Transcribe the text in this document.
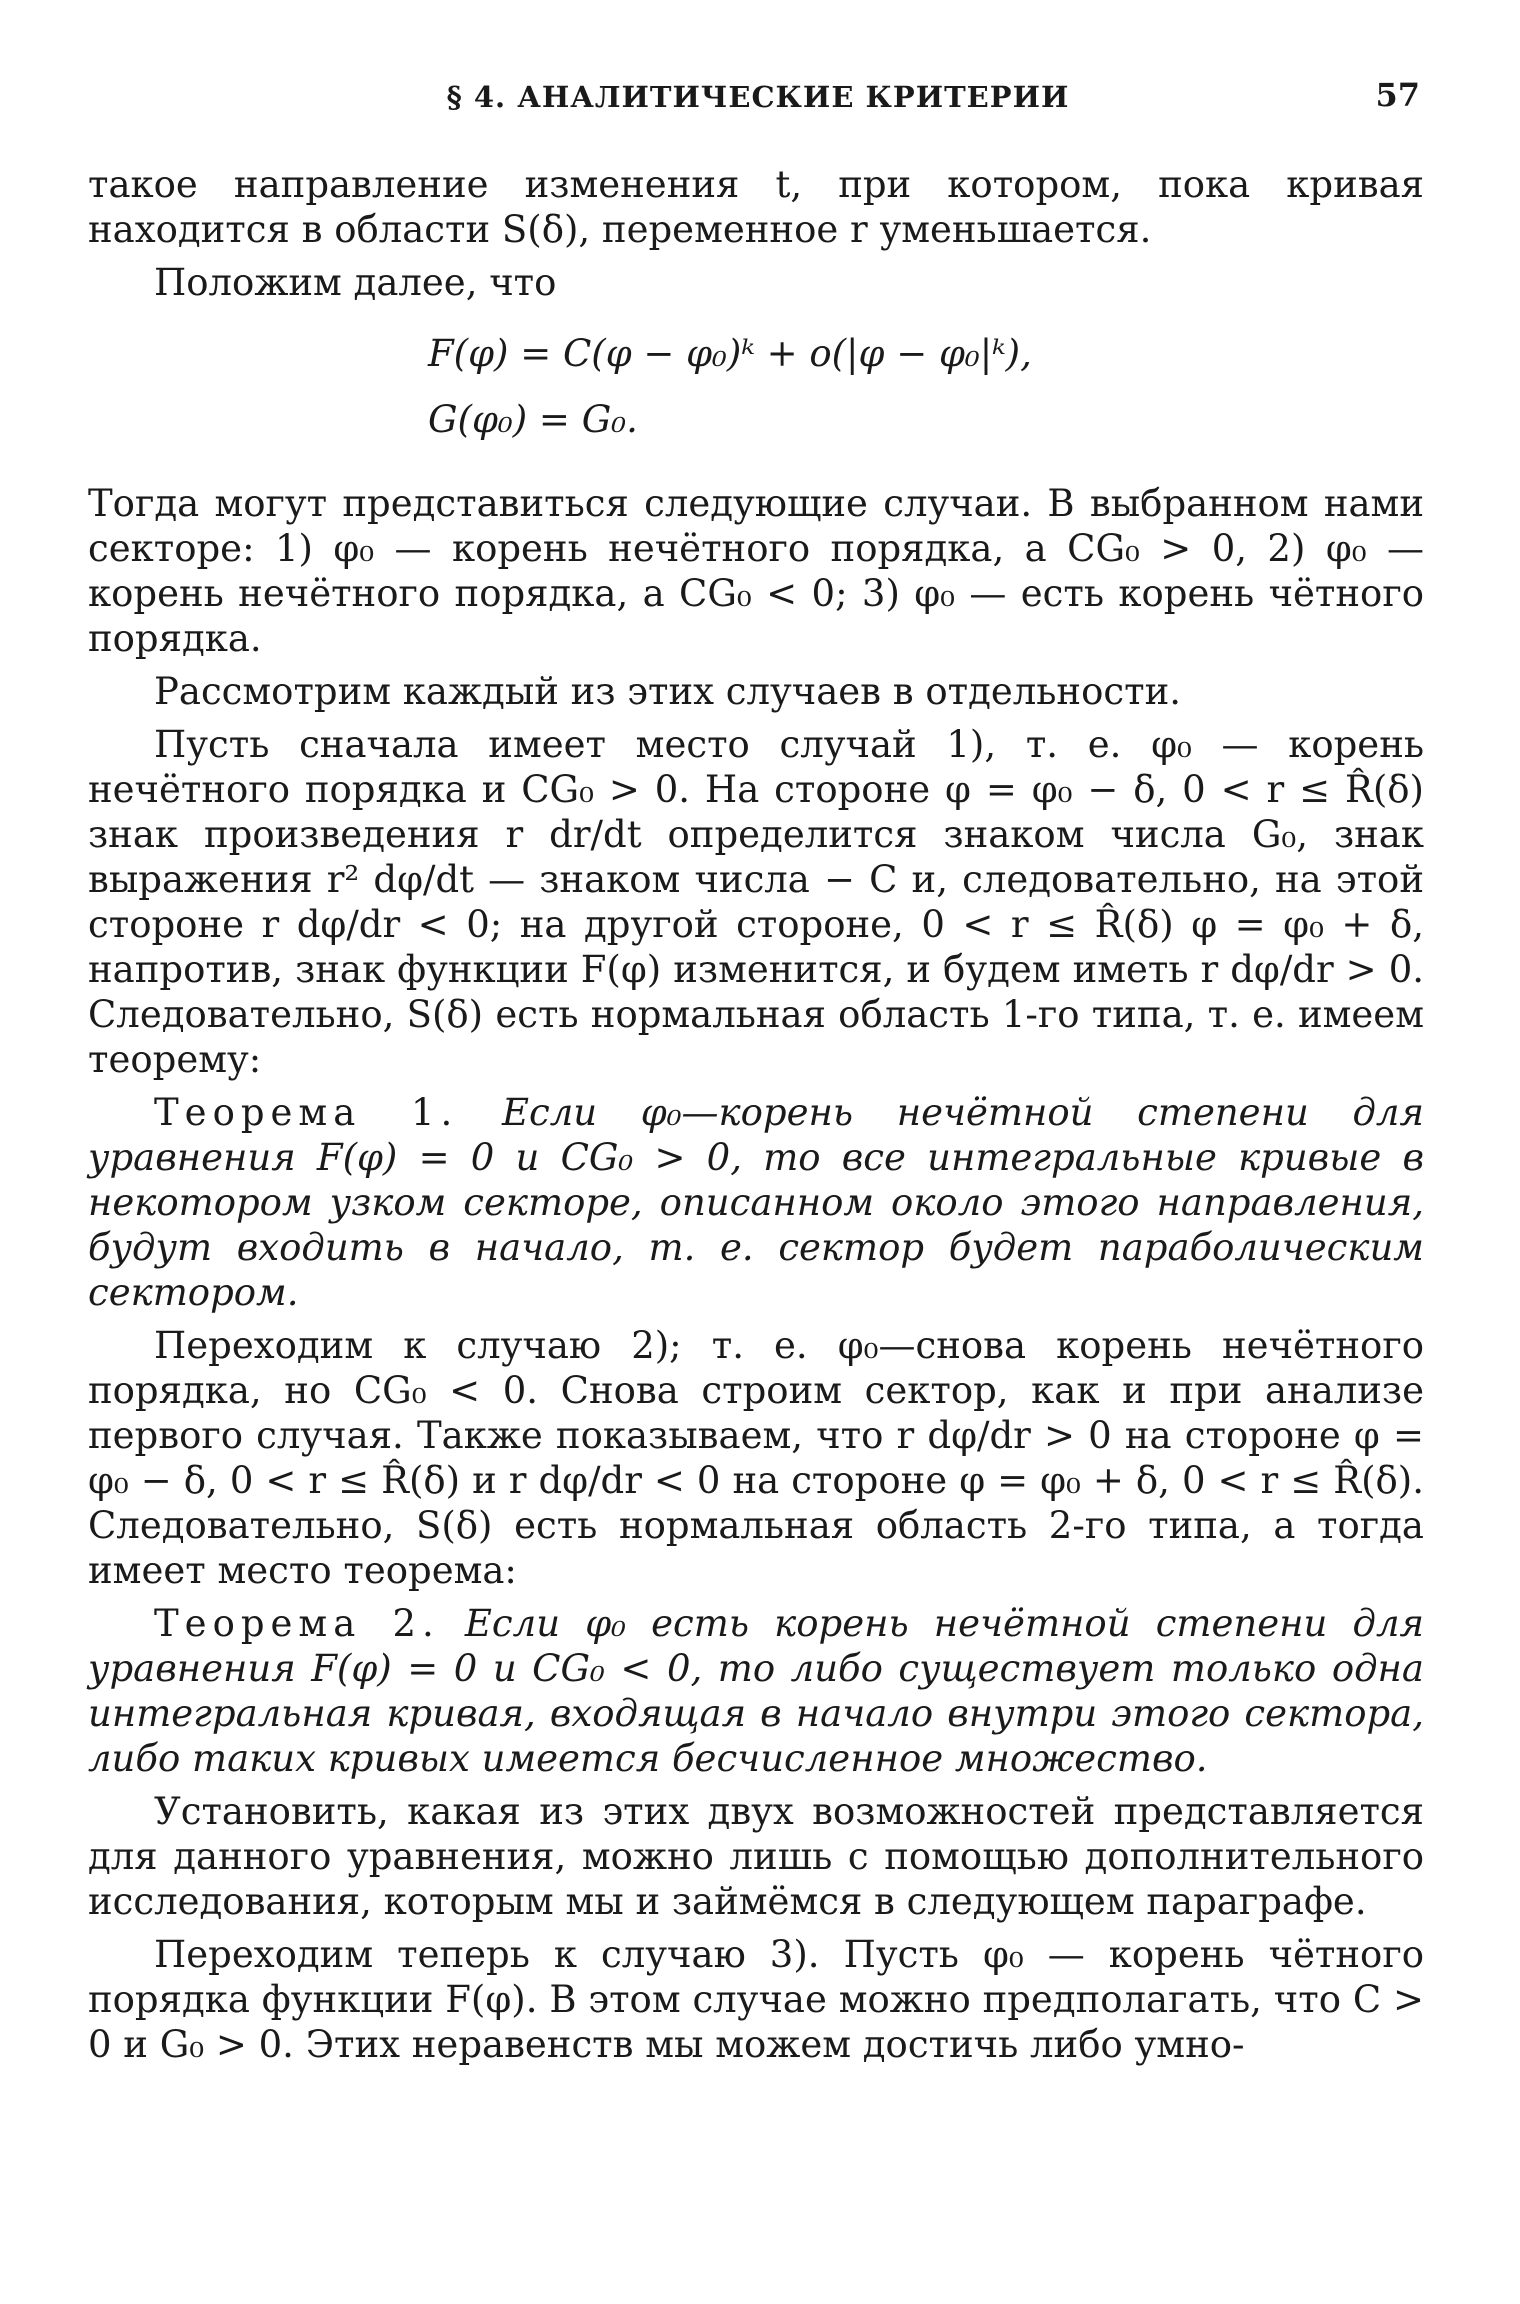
§ 4. АНАЛИТИЧЕСКИЕ КРИТЕРИИ	57

такое направление изменения t, при котором, пока кривая находится в области S(δ), переменное r уменьшается.

Положим далее, что

F(φ) = C(φ − φ₀)ᵏ + o(|φ − φ₀|ᵏ),
G(φ₀) = G₀.

Тогда могут представиться следующие случаи. В выбранном нами секторе: 1) φ₀ — корень нечётного порядка, а CG₀ > 0, 2) φ₀ — корень нечётного порядка, а CG₀ < 0; 3) φ₀ — есть корень чётного порядка.

Рассмотрим каждый из этих случаев в отдельности.

Пусть сначала имеет место случай 1), т. е. φ₀ — корень нечётного порядка и CG₀ > 0. На стороне φ = φ₀ − δ, 0 < r ≤ R̂(δ) знак произведения r dr/dt определится знаком числа G₀, знак выражения r² dφ/dt — знаком числа − C и, следовательно, на этой стороне r dφ/dr < 0; на другой стороне, 0 < r ≤ R̂(δ) φ = φ₀ + δ, напротив, знак функции F(φ) изменится, и будем иметь r dφ/dr > 0. Следовательно, S(δ) есть нормальная область 1-го типа, т. е. имеем теорему:

Теорема 1. Если φ₀—корень нечётной степени для уравнения F(φ) = 0 и CG₀ > 0, то все интегральные кривые в некотором узком секторе, описанном около этого направления, будут входить в начало, т. е. сектор будет параболическим сектором.

Переходим к случаю 2); т. е. φ₀—снова корень нечётного порядка, но CG₀ < 0. Снова строим сектор, как и при анализе первого случая. Также показываем, что r dφ/dr > 0 на стороне φ = φ₀ − δ, 0 < r ≤ R̂(δ) и r dφ/dr < 0 на стороне φ = φ₀ + δ, 0 < r ≤ R̂(δ). Следовательно, S(δ) есть нормальная область 2-го типа, а тогда имеет место теорема:

Теорема 2. Если φ₀ есть корень нечётной степени для уравнения F(φ) = 0 и CG₀ < 0, то либо существует только одна интегральная кривая, входящая в начало внутри этого сектора, либо таких кривых имеется бесчисленное множество.

Установить, какая из этих двух возможностей представляется для данного уравнения, можно лишь с помощью дополнительного исследования, которым мы и займёмся в следующем параграфе.

Переходим теперь к случаю 3). Пусть φ₀ — корень чётного порядка функции F(φ). В этом случае можно предполагать, что C > 0 и G₀ > 0. Этих неравенств мы можем достичь либо умно-
